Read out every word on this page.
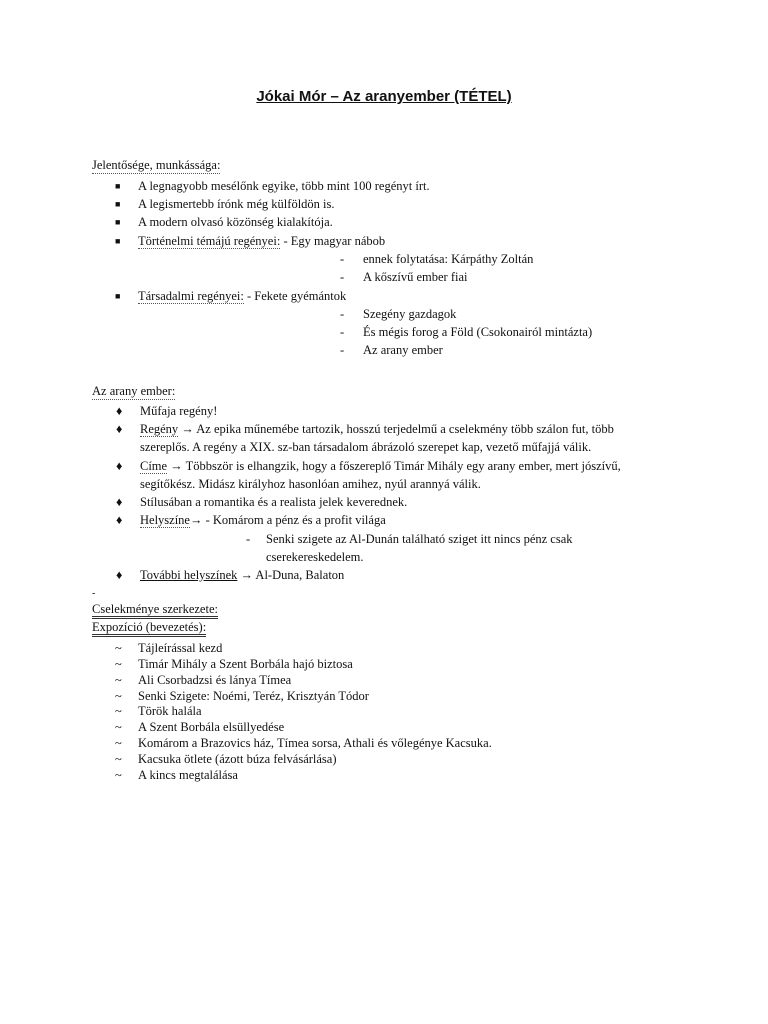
Jókai Mór – Az aranyember (TÉTEL)
Jelentősége, munkássága:
■ A legnagyobb mesélőnk egyike, több mint 100 regényt írt.
■ A legismertebb írónk még külföldön is.
■ A modern olvasó közönség kialakítója.
■ Történelmi témájú regényei: - Egy magyar nábob
- ennek folytatása: Kárpáthy Zoltán
- A kőszívű ember fiai
■ Társadalmi regényei: - Fekete gyémántok
- Szegény gazdagok
- És mégis forog a Föld (Csokonairól mintázta)
- Az arany ember
Az arany ember:
♦ Műfaja regény!
♦ Regény → Az epika műnemébe tartozik, hosszú terjedelmű a cselekmény több szálon fut, több
szereplős. A regény a XIX. sz-ban társadalom ábrázoló szerepet kap, vezető műfajjá válik.
♦ Címe → Többször is elhangzik, hogy a főszereplő Timár Mihály egy arany ember, mert jószívű,
segítőkész. Midász királyhoz hasonlóan amihez, nyúl arannyá válik.
♦ Stílusában a romantika és a realista jelek keverednek.
♦ Helyszíne→ - Komárom a pénz és a profit világa
- Senki szigete az Al-Dunán található sziget itt nincs pénz csak
cserekereskedelem.
♦ További helyszínek → Al-Duna, Balaton
-
Cselekménye szerkezete:
Expozíció (bevezetés):
~ Tájleírással kezd
~ Timár Mihály a Szent Borbála hajó biztosa
~ Ali Csorbadzsi és lánya Tímea
~ Senki Szigete: Noémi, Teréz, Krisztyán Tódor
~ Török halála
~ A Szent Borbála elsüllyedése
~ Komárom a Brazovics ház, Tímea sorsa, Athali és vőlegénye Kacsuka.
~ Kacsuka ötlete (ázott búza felvásárlása)
~ A kincs megtalálása
